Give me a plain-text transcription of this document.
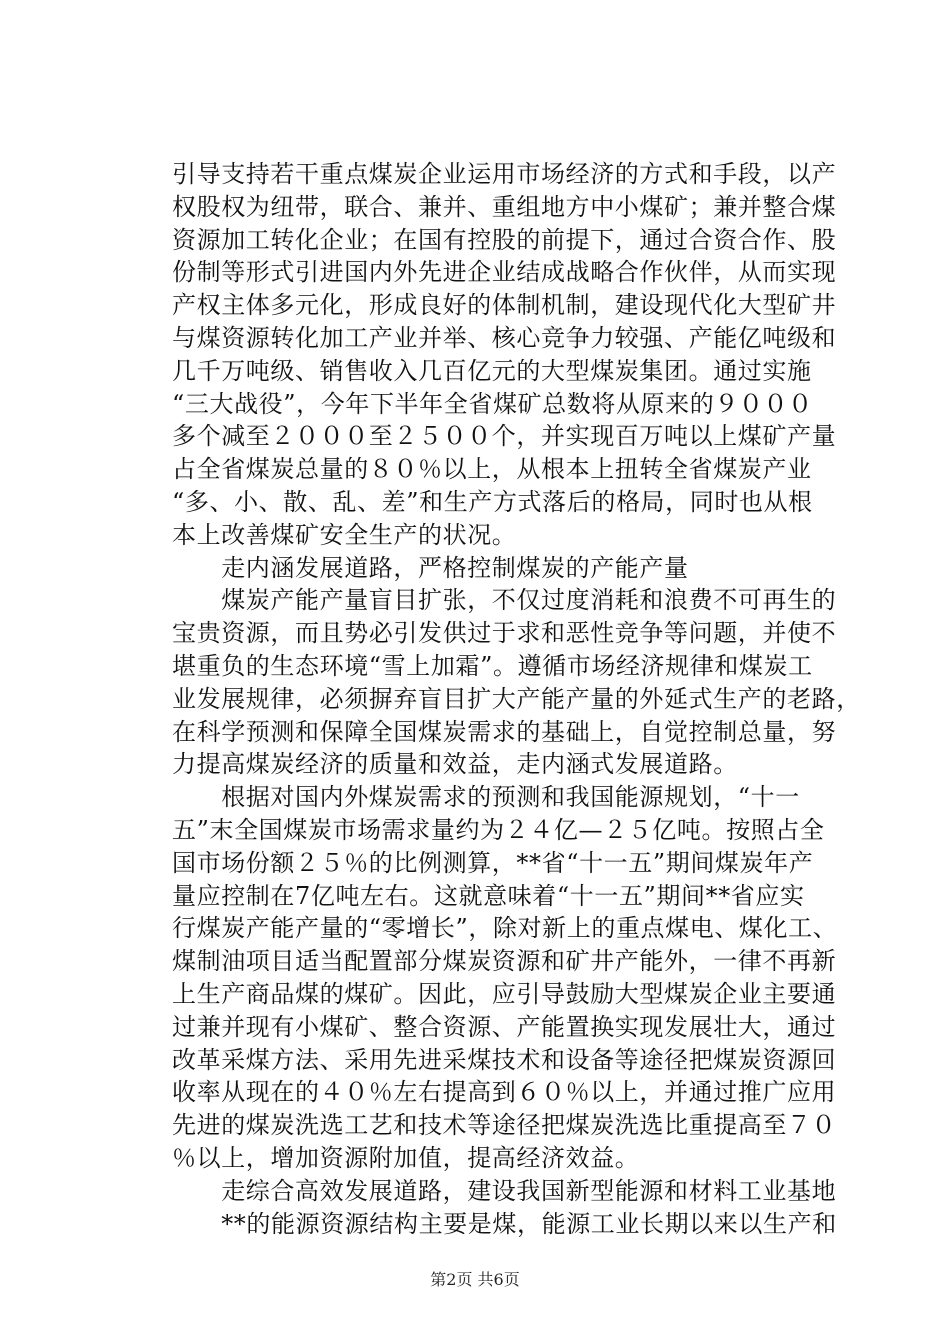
引导支持若干重点煤炭企业运用市场经济的方式和手段，以产
权股权为纽带，联合、兼并、重组地方中小煤矿；兼并整合煤
资源加工转化企业；在国有控股的前提下，通过合资合作、股
份制等形式引进国内外先进企业结成战略合作伙伴，从而实现
产权主体多元化，形成良好的体制机制，建设现代化大型矿井
与煤资源转化加工产业并举、核心竞争力较强、产能亿吨级和
几千万吨级、销售收入几百亿元的大型煤炭集团。通过实施
“三大战役”，今年下半年全省煤矿总数将从原来的９０００
多个减至２０００至２５００个，并实现百万吨以上煤矿产量
占全省煤炭总量的８０％以上，从根本上扭转全省煤炭产业
“多、小、散、乱、差”和生产方式落后的格局，同时也从根
本上改善煤矿安全生产的状况。
　　走内涵发展道路，严格控制煤炭的产能产量
　　煤炭产能产量盲目扩张，不仅过度消耗和浪费不可再生的
宝贵资源，而且势必引发供过于求和恶性竞争等问题，并使不
堪重负的生态环境“雪上加霜”。遵循市场经济规律和煤炭工
业发展规律，必须摒弃盲目扩大产能产量的外延式生产的老路，
在科学预测和保障全国煤炭需求的基础上，自觉控制总量，努
力提高煤炭经济的质量和效益，走内涵式发展道路。
　　根据对国内外煤炭需求的预测和我国能源规划，“十一
五”末全国煤炭市场需求量约为２４亿—２５亿吨。按照占全
国市场份额２５％的比例测算，**省“十一五”期间煤炭年产
量应控制在7亿吨左右。这就意味着“十一五”期间**省应实
行煤炭产能产量的“零增长”，除对新上的重点煤电、煤化工、
煤制油项目适当配置部分煤炭资源和矿井产能外，一律不再新
上生产商品煤的煤矿。因此，应引导鼓励大型煤炭企业主要通
过兼并现有小煤矿、整合资源、产能置换实现发展壮大，通过
改革采煤方法、采用先进采煤技术和设备等途径把煤炭资源回
收率从现在的４０％左右提高到６０％以上，并通过推广应用
先进的煤炭洗选工艺和技术等途径把煤炭洗选比重提高至７０
％以上，增加资源附加值，提高经济效益。
　　走综合高效发展道路，建设我国新型能源和材料工业基地
　　**的能源资源结构主要是煤，能源工业长期以来以生产和
第2页 共6页
